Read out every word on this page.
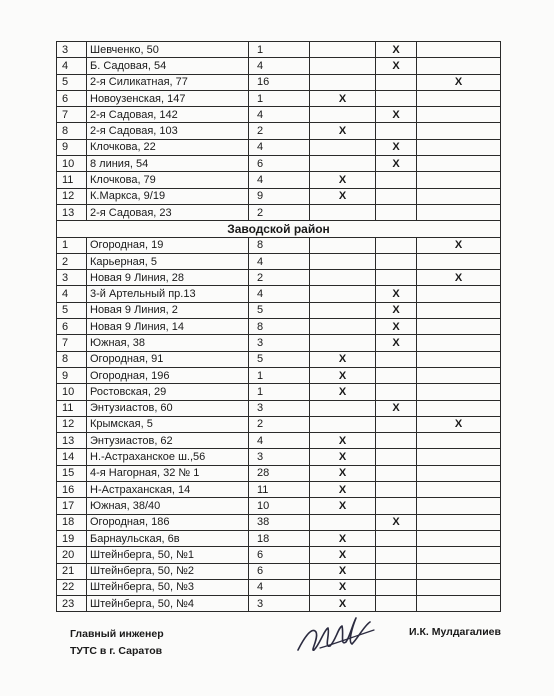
3	Шевченко, 50	1		X	
4	Б. Садовая, 54	4		X	
5	2-я Силикатная, 77	16			X
6	Новоузенская, 147	1	X		
7	2-я Садовая, 142	4		X	
8	2-я Садовая, 103	2	X		
9	Клочкова, 22	4		X	
10	8 линия, 54	6		X	
11	Клочкова, 79	4	X		
12	К.Маркса, 9/19	9	X		
13	2-я Садовая, 23	2			
Заводской район					
1	Огородная, 19	8			X
2	Карьерная, 5	4			
3	Новая 9 Линия, 28	2			X
4	3-й Артельный пр.13	4		X	
5	Новая 9 Линия, 2	5		X	
6	Новая 9 Линия, 14	8		X	
7	Южная, 38	3		X	
8	Огородная, 91	5	X		
9	Огородная, 196	1	X		
10	Ростовская, 29	1	X		
11	Энтузиастов, 60	3		X	
12	Крымская, 5	2			X
13	Энтузиастов, 62	4	X		
14	Н.-Астраханское ш.,56	3	X		
15	4-я Нагорная, 32 № 1	28	X		
16	Н-Астраханская, 14	11	X		
17	Южная, 38/40	10	X		
18	Огородная, 186	38		X	
19	Барнаульская, 6в	18	X		
20	Штейнберга, 50, №1	6	X		
21	Штейнберга, 50, №2	6	X		
22	Штейнберга, 50, №3	4	X		
23	Штейнберга, 50, №4	3	X		
Главный инженер
ТУТС в г. Саратов
И.К. Мулдагалиев
